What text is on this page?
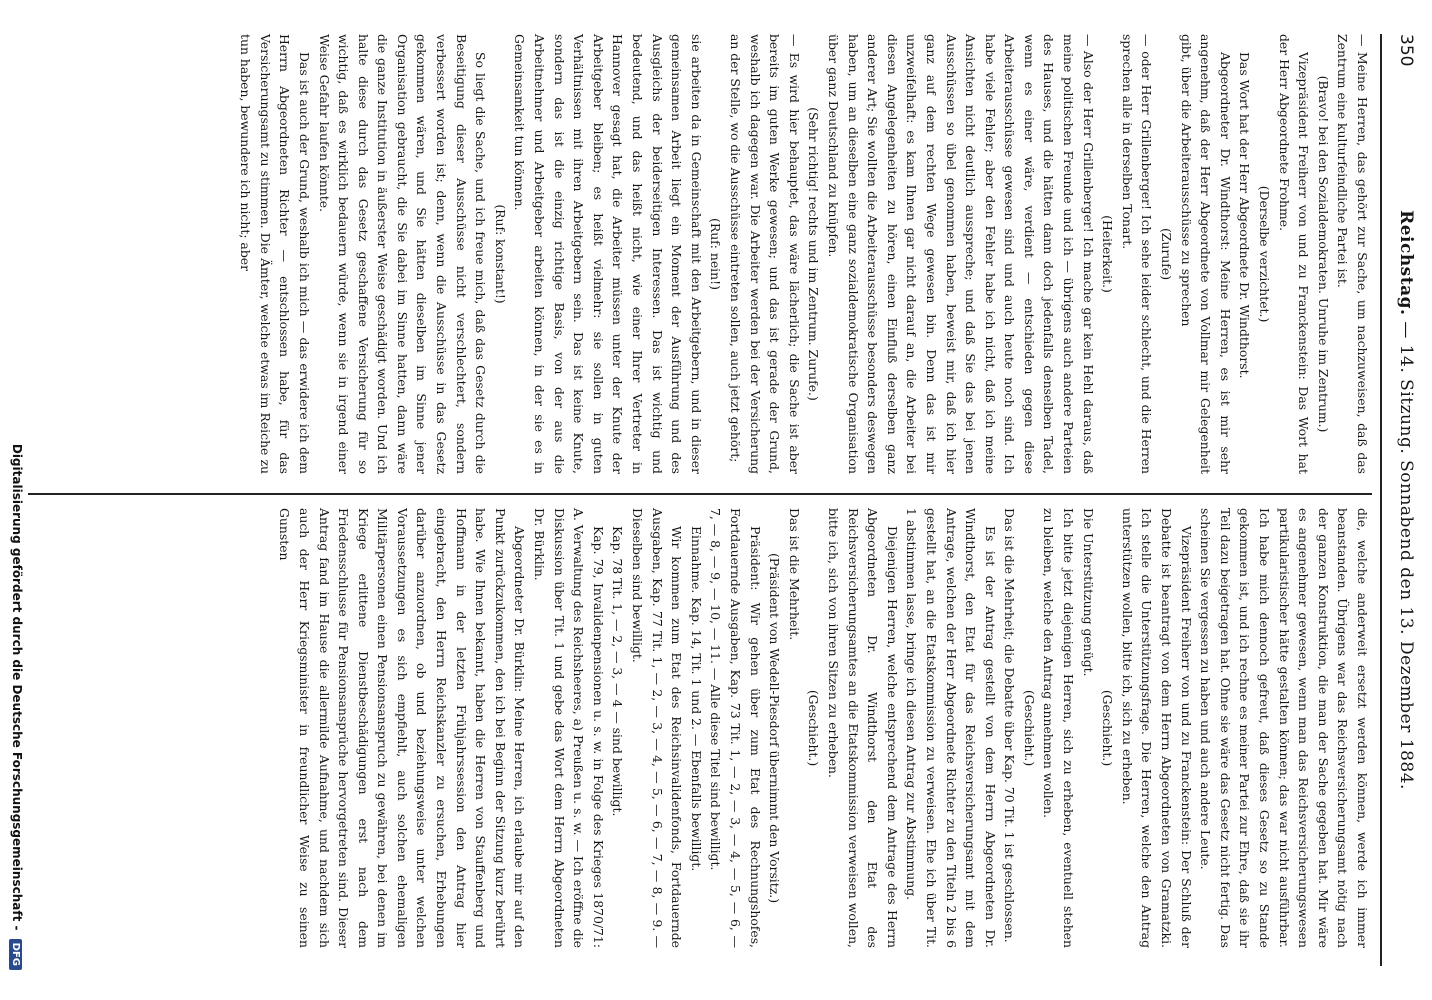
350
Reichstag. — 14. Sitzung. Sonnabend den 13. Dezember 1884.

— Meine Herren, das gehört zur Sache, um nachzuweisen, daß das Zentrum eine kulturfeindliche Partei ist.

(Bravo! bei den Sozialdemokraten. Unruhe im Zentrum.)

Vizepräsident Freiherr von und zu Franckenstein: Das Wort hat der Herr Abgeordnete Frohme.

(Derselbe verzichtet.)

Das Wort hat der Herr Abgeordnete Dr. Windthorst.

Abgeordneter Dr. Windthorst: Meine Herren, es ist mir sehr angenehm, daß der Herr Abgeordnete von Vollmar mir Gelegenheit gibt, über die Arbeiterausschüsse zu sprechen

(Zurufe)

— oder Herr Grillenberger! Ich sehe leider schlecht, und die Herren sprechen alle in derselben Tonart.

(Heiterkeit.)

— Also der Herr Grillenberger! Ich mache gar kein Hehl daraus, daß meine politischen Freunde und ich — übrigens auch andere Parteien des Hauses, und die hätten dann doch jedenfalls denselben Tadel, wenn es einer wäre, verdient — entschieden gegen diese Arbeiterausschüsse gewesen sind und auch heute noch sind. Ich habe viele Fehler; aber den Fehler habe ich nicht, daß ich meine Ansichten nicht deutlich ausspreche; und daß Sie das bei jenen Ausschüssen so übel genommen haben, beweist mir, daß ich hier ganz auf dem rechten Wege gewesen bin. Denn das ist mir unzweifelhaft: es kam Ihnen gar nicht darauf an, die Arbeiter bei diesen Angelegenheiten zu hören, einen Einfluß derselben ganz anderer Art; Sie wollten die Arbeiterausschüsse besonders deswegen haben, um an dieselben eine ganz sozialdemokratische Organisation über ganz Deutschland zu knüpfen.

(Sehr richtig! rechts und im Zentrum. Zurufe.)

— Es wird hier behauptet, das wäre lächerlich; die Sache ist aber bereits im guten Werke gewesen; und das ist gerade der Grund, weshalb ich dagegen war. Die Arbeiter werden bei der Versicherung an der Stelle, wo die Ausschüsse eintreten sollen, auch jetzt gehört;

(Ruf: nein!)

sie arbeiten da in Gemeinschaft mit den Arbeitgebern, und in dieser gemeinsamen Arbeit liegt ein Moment der Ausführung und des Ausgleichs der beiderseitigen Interessen. Das ist wichtig und bedeutend, und das heißt nicht, wie einer Ihrer Vertreter in Hannover gesagt hat, die Arbeiter müssen unter der Knute der Arbeitgeber bleiben; es heißt vielmehr: sie sollen in guten Verhältnissen mit ihren Arbeitgebern sein. Das ist keine Knute, sondern das ist die einzig richtige Basis, von der aus die Arbeitnehmer und Arbeitgeber arbeiten können, in der sie es in Gemeinsamkeit tun können.

(Ruf: konstant!)

So liegt die Sache, und ich freue mich, daß das Gesetz durch die Beseitigung dieser Ausschüsse nicht verschlechtert, sondern verbessert worden ist; denn, wenn die Ausschüsse in das Gesetz gekommen wären, und Sie hätten dieselben im Sinne jener Organisation gebraucht, die Sie dabei im Sinne hatten, dann wäre die ganze Institution in äußerster Weise geschädigt worden. Und ich halte diese durch das Gesetz geschaffene Versicherung für so wichtig, daß es wirklich bedauern würde, wenn sie in irgend einer Weise Gefahr laufen könnte.

Das ist auch der Grund, weshalb ich mich — das erwidere ich dem Herrn Abgeordneten Richter — entschlossen habe, für das Versicherungsamt zu stimmen. Die Ämter, welche etwas im Reiche zu tun haben, bewundere ich nicht; aber

die, welche anderweit ersetzt werden können, werde ich immer beanstanden. Übrigens war das Reichsversicherungsamt nötig nach der ganzen Konstruktion, die man der Sache gegeben hat. Mir wäre es angenehmer gewesen, wenn man das Reichsversicherungswesen partikularistischer hätte gestalten können; das war nicht ausführbar. Ich habe mich dennoch gefreut, daß dieses Gesetz so zu Stande gekommen ist, und ich rechne es meiner Partei zur Ehre, daß sie ihr Teil dazu beigetragen hat. Ohne sie wäre das Gesetz nicht fertig. Das scheinen Sie vergessen zu haben und auch andere Leute.

Vizepräsident Freiherr von und zu Franckenstein: Der Schluß der Debatte ist beantragt von dem Herrn Abgeordneten von Gramatzki. Ich stelle die Unterstützungsfrage. Die Herren, welche den Antrag unterstützen wollen, bitte ich, sich zu erheben.

(Geschieht.)

Die Unterstützung genügt.

Ich bitte jetzt diejenigen Herren, sich zu erheben, eventuell stehen zu bleiben, welche den Antrag annehmen wollen.

(Geschieht.)

Das ist die Mehrheit; die Debatte über Kap. 70 Tit. 1 ist geschlossen.

Es ist der Antrag gestellt von dem Herrn Abgeordneten Dr. Windthorst, den Etat für das Reichsversicherungsamt mit dem Antrage, welchen der Herr Abgeordnete Richter zu den Titeln 2 bis 6 gestellt hat, an die Etatskommission zu verweisen. Ehe ich über Tit. 1 abstimmen lasse, bringe ich diesen Antrag zur Abstimmung.

Diejenigen Herren, welche entsprechend dem Antrage des Herrn Abgeordneten Dr. Windthorst den Etat des Reichsversicherungsamtes an die Etatskommission verweisen wollen, bitte ich, sich von ihren Sitzen zu erheben.

(Geschieht.)

Das ist die Mehrheit.

(Präsident von Wedell-Piesdorf übernimmt den Vorsitz.)

Präsident: Wir gehen über zum Etat des Rechnungshofes, Fortdauernde Ausgaben, Kap. 73 Tit. 1, — 2, — 3, — 4, — 5, — 6, — 7, — 8, — 9, — 10, — 11. — Alle diese Titel sind bewilligt.

Einnahme. Kap. 14, Tit. 1 und 2. — Ebenfalls bewilligt.

Wir kommen zum Etat des Reichsinvalidenfonds, Fortdauernde Ausgaben, Kap. 77 Tit. 1, — 2, — 3, — 4, — 5, — 6, — 7, — 8, — 9. — Dieselben sind bewilligt.

Kap. 78 Tit. 1, — 2, — 3, — 4 — sind bewilligt.

Kap. 79, Invalidenpensionen u. s. w. in Folge des Krieges 1870/71: A. Verwaltung des Reichsheeres, a) Preußen u. s. w. — Ich eröffne die Diskussion über Tit. 1 und gebe das Wort dem Herrn Abgeordneten Dr. Bürklin.

Abgeordneter Dr. Bürklin: Meine Herren, ich erlaube mir auf den Punkt zurückzukommen, den ich bei Beginn der Sitzung kurz berührt habe. Wie Ihnen bekannt, haben die Herren von Stauffenberg und Hoffmann in der letzten Frühjahrssession den Antrag hier eingebracht, den Herrn Reichskanzler zu ersuchen, Erhebungen darüber anzuordnen, ob und beziehungsweise unter welchen Voraussetzungen es sich empfiehlt, auch solchen ehemaligen Militärpersonen einen Pensionsanspruch zu gewähren, bei denen im Kriege erlittene Dienstbeschädigungen erst nach dem Friedensschlusse für Pensionsansprüche hervorgetreten sind. Dieser Antrag fand im Hause die allermilde Aufnahme, und nachdem sich auch der Herr Kriegsminister in freundlicher Weise zu seinen Gunsten

Digitalisierung gefördert durch die Deutsche Forschungsgemeinschaft - DFG
